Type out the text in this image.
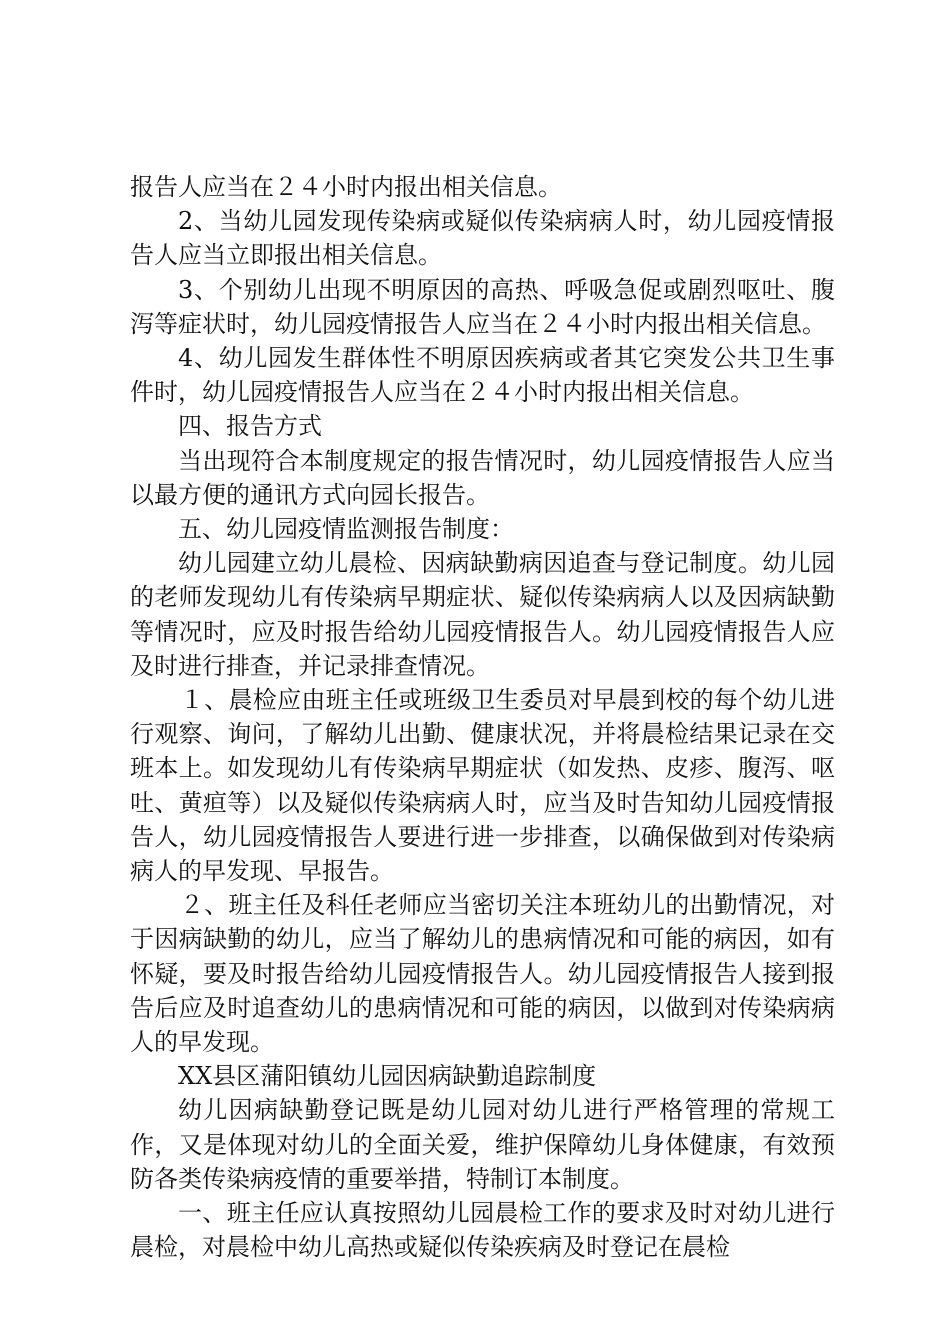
报告人应当在２４小时内报出相关信息。

2、当幼儿园发现传染病或疑似传染病病人时，幼儿园疫情报告人应当立即报出相关信息。

3、个别幼儿出现不明原因的高热、呼吸急促或剧烈呕吐、腹泻等症状时，幼儿园疫情报告人应当在２４小时内报出相关信息。

4、幼儿园发生群体性不明原因疾病或者其它突发公共卫生事件时，幼儿园疫情报告人应当在２４小时内报出相关信息。

四、报告方式

当出现符合本制度规定的报告情况时，幼儿园疫情报告人应当以最方便的通讯方式向园长报告。

五、幼儿园疫情监测报告制度：

幼儿园建立幼儿晨检、因病缺勤病因追查与登记制度。幼儿园的老师发现幼儿有传染病早期症状、疑似传染病病人以及因病缺勤等情况时，应及时报告给幼儿园疫情报告人。幼儿园疫情报告人应及时进行排查，并记录排查情况。

１、晨检应由班主任或班级卫生委员对早晨到校的每个幼儿进行观察、询问，了解幼儿出勤、健康状况，并将晨检结果记录在交班本上。如发现幼儿有传染病早期症状（如发热、皮疹、腹泻、呕吐、黄疸等）以及疑似传染病病人时，应当及时告知幼儿园疫情报告人，幼儿园疫情报告人要进行进一步排查，以确保做到对传染病病人的早发现、早报告。

２、班主任及科任老师应当密切关注本班幼儿的出勤情况，对于因病缺勤的幼儿，应当了解幼儿的患病情况和可能的病因，如有怀疑，要及时报告给幼儿园疫情报告人。幼儿园疫情报告人接到报告后应及时追查幼儿的患病情况和可能的病因，以做到对传染病病人的早发现。

XX县区蒲阳镇幼儿园因病缺勤追踪制度

幼儿因病缺勤登记既是幼儿园对幼儿进行严格管理的常规工作，又是体现对幼儿的全面关爱，维护保障幼儿身体健康，有效预防各类传染病疫情的重要举措，特制订本制度。

一、班主任应认真按照幼儿园晨检工作的要求及时对幼儿进行晨检，对晨检中幼儿高热或疑似传染疾病及时登记在晨检
